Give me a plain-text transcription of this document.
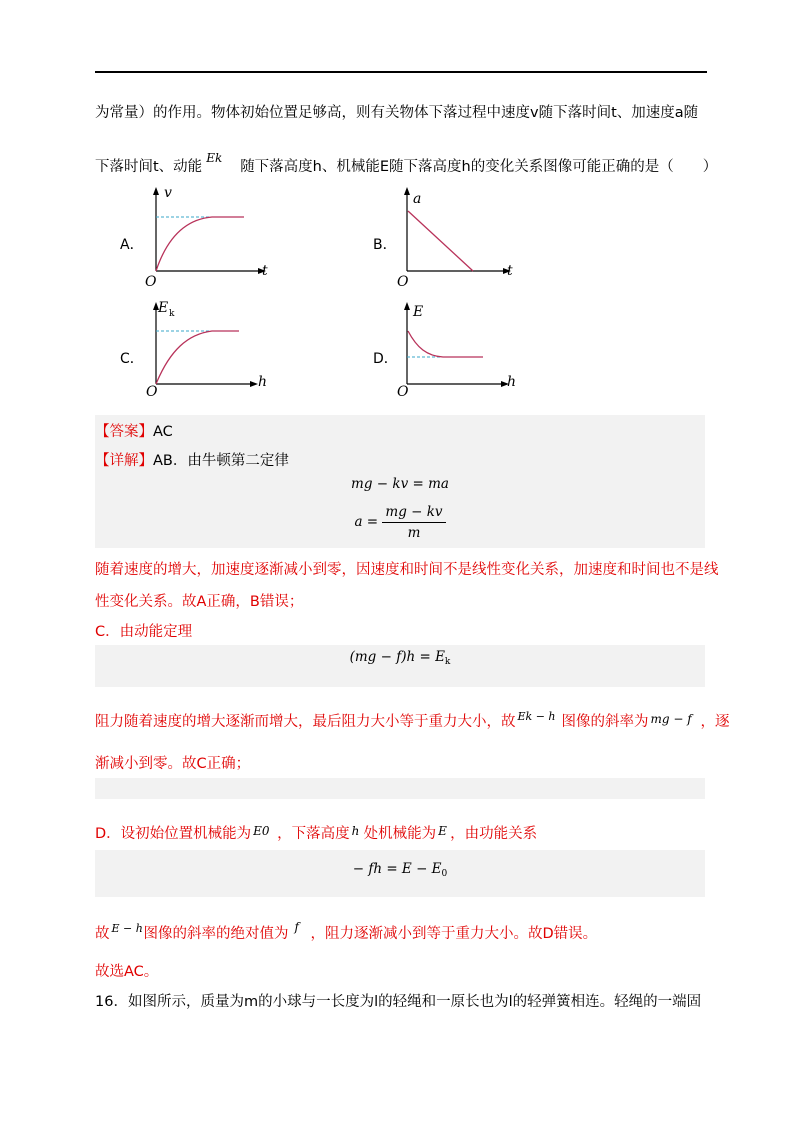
为常量）的作用。物体初始位置足够高，则有关物体下落过程中速度v随下落时间t、加速度a随
下落时间t、动能
Ek
随下落高度h、机械能E随下落高度h的变化关系图像可能正确的是（　　）
A．
v
t
O
B．
a
t
O
C．
E k
h
O
D．
E
h
O
【答案】AC
【详解】AB．由牛顿第二定律
mg − kv = ma
$a = \frac{mg - kv}{m}$
随着速度的增大，加速度逐渐减小到零，因速度和时间不是线性变化关系，加速度和时间也不是线
性变化关系。故A正确，B错误；
C．由动能定理
$(mg - f)h = E_k$
阻力随着速度的增大逐渐而增大，最后阻力大小等于重力大小，故 Ek − h 图像的斜率为 mg − f ，逐
渐减小到零。故C正确；
D．设初始位置机械能为 E0 ，下落高度 h 处机械能为 E ，由功能关系
− fh = $E - E_0$
故 E − h 图像的斜率的绝对值为 f ，阻力逐渐减小到等于重力大小。故D错误。
故选AC。
16．如图所示，质量为m的小球与一长度为l的轻绳和一原长也为l的轻弹簧相连。轻绳的一端固
